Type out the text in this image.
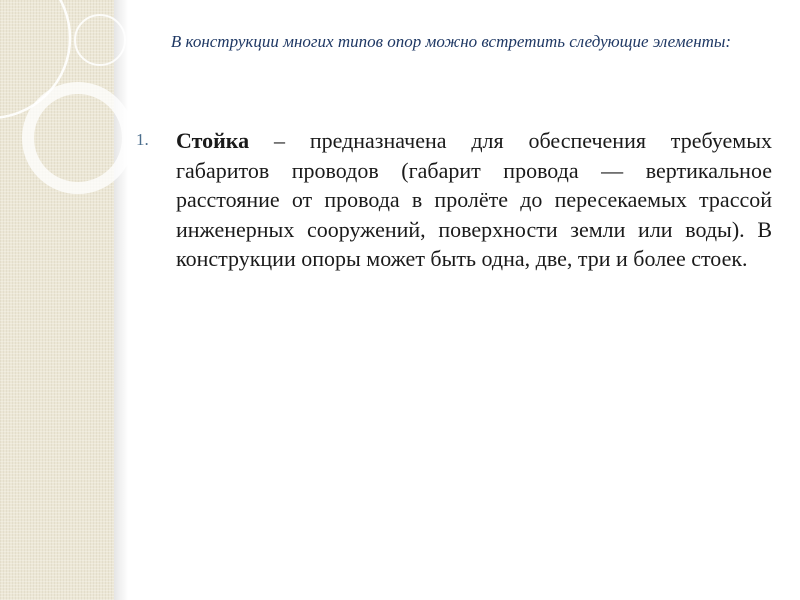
В конструкции многих типов опор можно встретить следующие элементы:
1. Стойка – предназначена для обеспечения требуемых габаритов проводов (габарит провода — вертикальное расстояние от провода в пролёте до пересекаемых трассой инженерных сооружений, поверхности земли или воды). В конструкции опоры может быть одна, две, три и более стоек.
